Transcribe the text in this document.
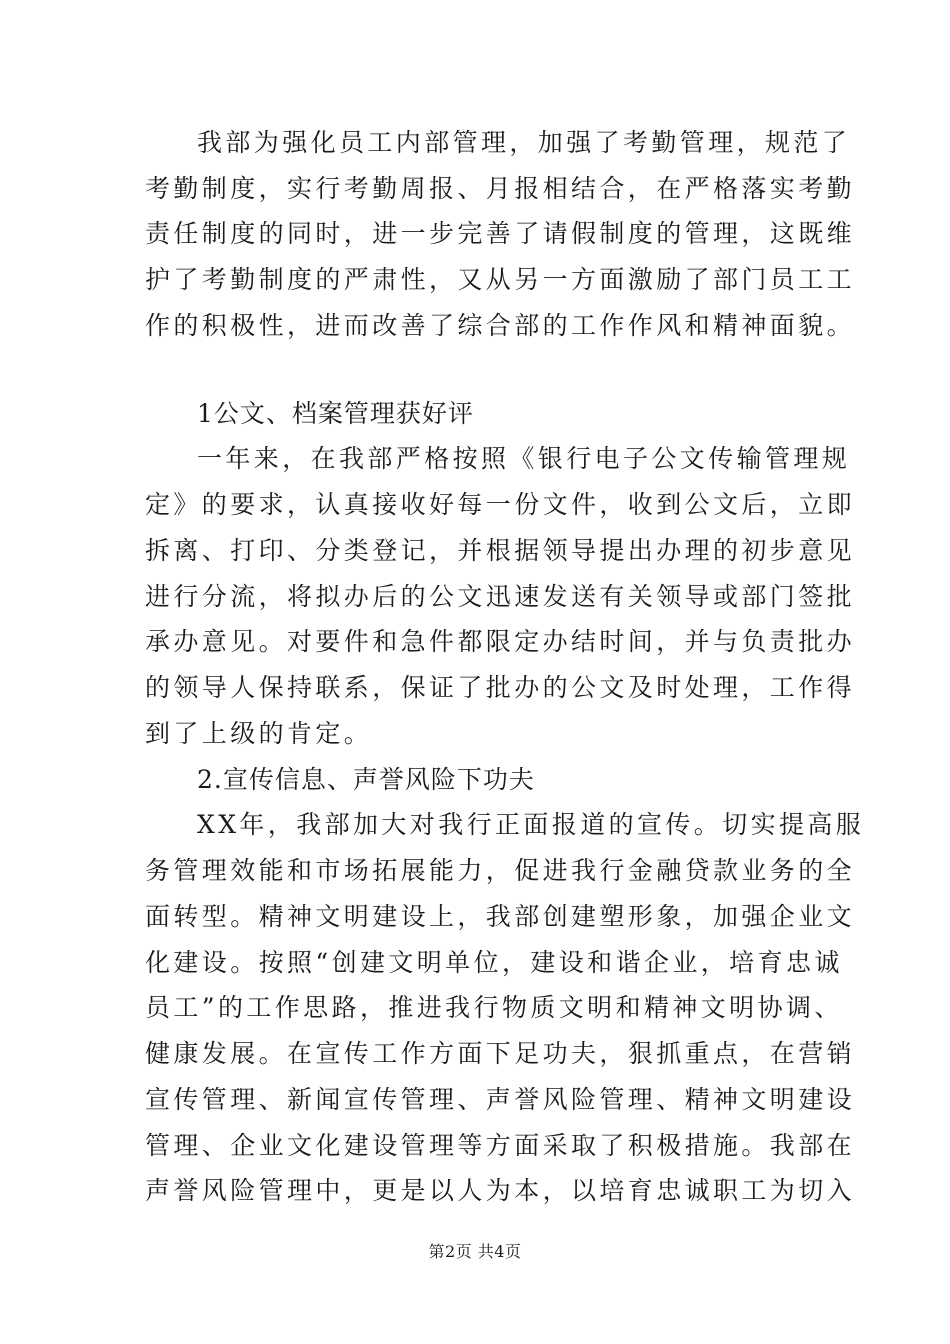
我部为强化员工内部管理，加强了考勤管理，规范了
考勤制度，实行考勤周报、月报相结合，在严格落实考勤
责任制度的同时，进一步完善了请假制度的管理，这既维
护了考勤制度的严肃性，又从另一方面激励了部门员工工
作的积极性，进而改善了综合部的工作作风和精神面貌。
1公文、档案管理获好评
一年来，在我部严格按照《银行电子公文传输管理规
定》的要求，认真接收好每一份文件，收到公文后，立即
拆离、打印、分类登记，并根据领导提出办理的初步意见
进行分流，将拟办后的公文迅速发送有关领导或部门签批
承办意见。对要件和急件都限定办结时间，并与负责批办
的领导人保持联系，保证了批办的公文及时处理，工作得
到了上级的肯定。
2.宣传信息、声誉风险下功夫
XX年，我部加大对我行正面报道的宣传。切实提高服
务管理效能和市场拓展能力，促进我行金融贷款业务的全
面转型。精神文明建设上，我部创建塑形象，加强企业文
化建设。按照“创建文明单位，建设和谐企业，培育忠诚
员工”的工作思路，推进我行物质文明和精神文明协调、
健康发展。在宣传工作方面下足功夫，狠抓重点，在营销
宣传管理、新闻宣传管理、声誉风险管理、精神文明建设
管理、企业文化建设管理等方面采取了积极措施。我部在
声誉风险管理中，更是以人为本，以培育忠诚职工为切入
第2页 共4页
